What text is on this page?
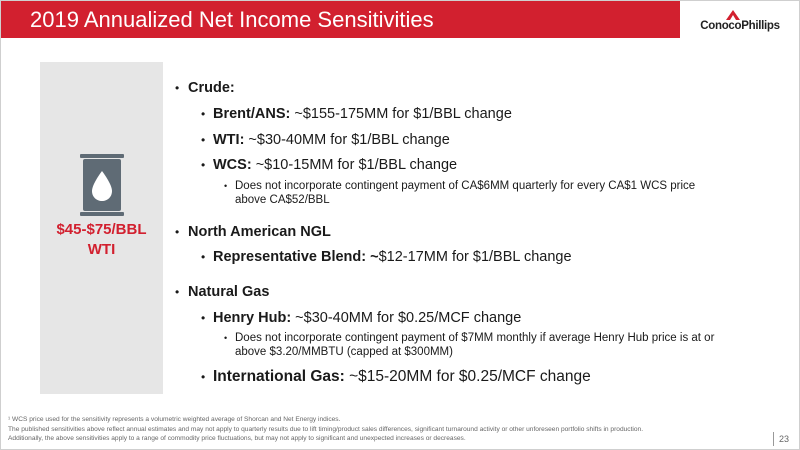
2019 Annualized Net Income Sensitivities	ConocoPhillips
$45-$75/BBL
WTI
• Crude:
• Brent/ANS: ~$155-175MM for $1/BBL change
• WTI: ~$30-40MM for $1/BBL change
• WCS: ~$10-15MM for $1/BBL change
• Does not incorporate contingent payment of CA$6MM quarterly for every CA$1 WCS price
above CA$52/BBL
• North American NGL
• Representative Blend: ~$12-17MM for $1/BBL change
• Natural Gas
• Henry Hub: ~$30-40MM for $0.25/MCF change
• Does not incorporate contingent payment of $7MM monthly if average Henry Hub price is at or
above $3.20/MMBTU (capped at $300MM)
• International Gas: ~$15-20MM for $0.25/MCF change
¹ WCS price used for the sensitivity represents a volumetric weighted average of Shorcan and Net Energy indices.
The published sensitivities above reflect annual estimates and may not apply to quarterly results due to lift timing/product sales differences, significant turnaround activity or other unforeseen portfolio shifts in production.
Additionally, the above sensitivities apply to a range of commodity price fluctuations, but may not apply to significant and unexpected increases or decreases.	23
